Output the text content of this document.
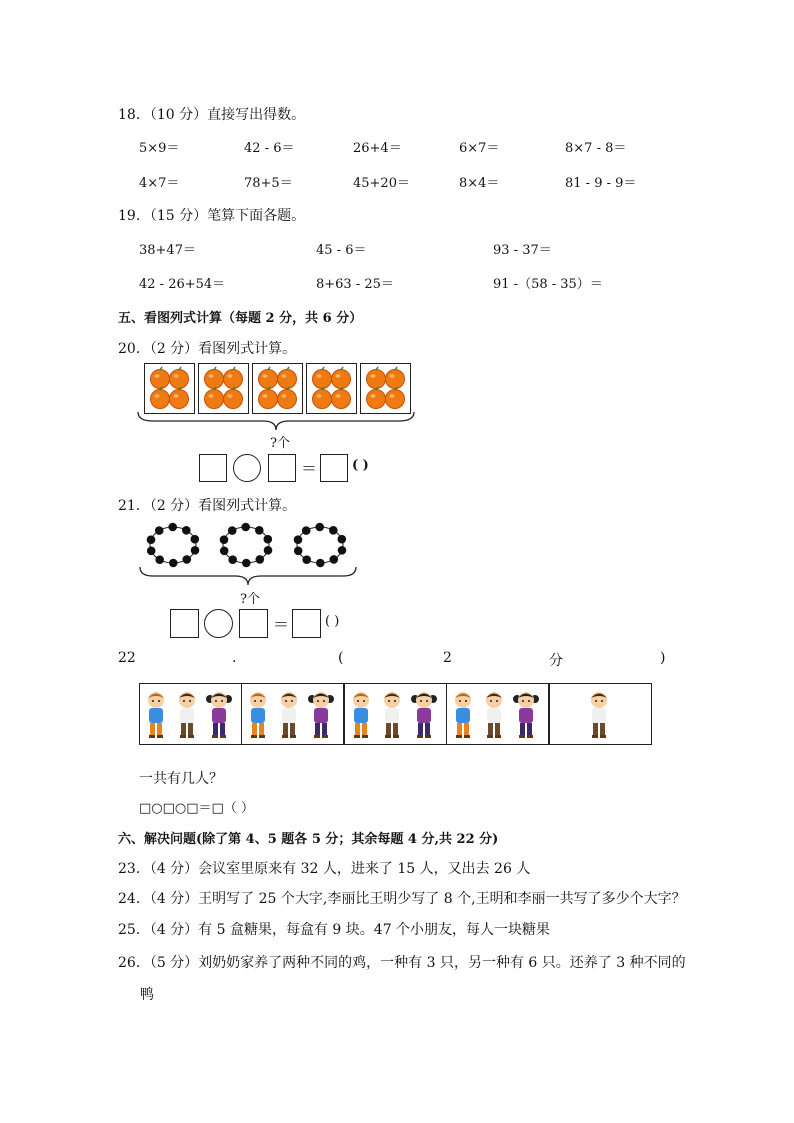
18．（10 分）直接写出得数。
5×9＝	42 - 6＝	26+4＝	6×7＝	8×7 - 8＝
4×7＝	78+5＝	45+20＝	8×4＝	81 - 9 - 9＝
19．（15 分）笔算下面各题。
38+47＝	45 - 6＝	93 - 37＝
42 - 26+54＝	8+63 - 25＝	91 -（58 - 35）＝
五、看图列式计算（每题 2 分，共 6 分）
20．（2 分）看图列式计算。
?个
＝	( )
21．（2 分）看图列式计算。
?个
＝	( )
22	.	(	2	分	)
一共有几人？
□○□○□＝□（ ）
六、解决问题(除了第 4、5 题各 5 分；其余每题 4 分,共 22 分)
23．（4 分）会议室里原来有 32 人，进来了 15 人，又出去 26 人
24．（4 分）王明写了 25 个大字,李丽比王明少写了 8 个,王明和李丽一共写了多少个大字？
25．（4 分）有 5 盒糖果，每盒有 9 块。47 个小朋友，每人一块糖果
26．（5 分）刘奶奶家养了两种不同的鸡，一种有 3 只，另一种有 6 只。还养了 3 种不同的
鸭
